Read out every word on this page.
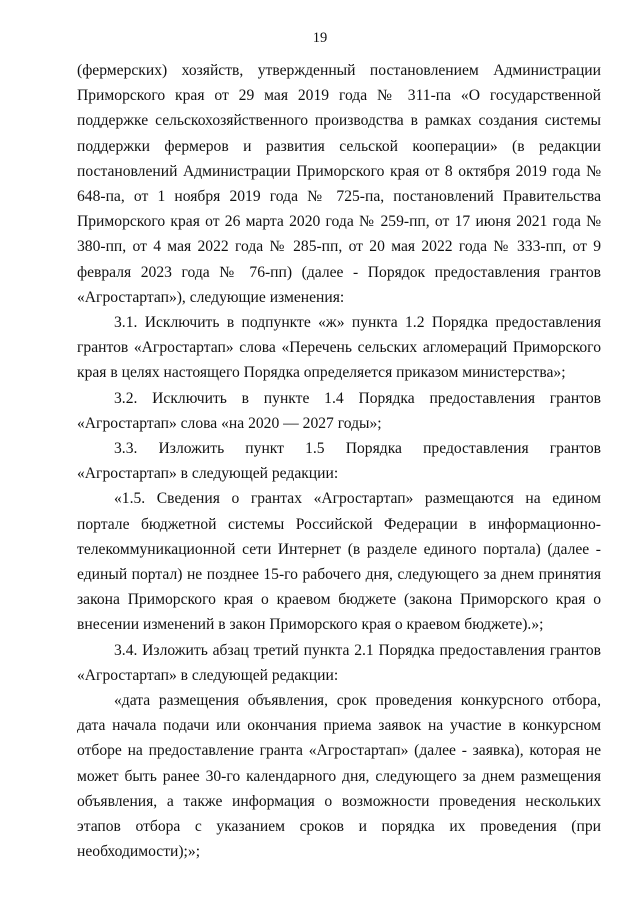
19

(фермерских) хозяйств, утвержденный постановлением Администрации Приморского края от 29 мая 2019 года № 311-па «О государственной поддержке сельскохозяйственного производства в рамках создания системы поддержки фермеров и развития сельской кооперации» (в редакции постановлений Администрации Приморского края от 8 октября 2019 года № 648-па, от 1 ноября 2019 года № 725-па, постановлений Правительства Приморского края от 26 марта 2020 года № 259-пп, от 17 июня 2021 года № 380-пп, от 4 мая 2022 года № 285-пп, от 20 мая 2022 года № 333-пп, от 9 февраля 2023 года № 76-пп) (далее - Порядок предоставления грантов «Агростартап»), следующие изменения:

3.1. Исключить в подпункте «ж» пункта 1.2 Порядка предоставления грантов «Агростартап» слова «Перечень сельских агломераций Приморского края в целях настоящего Порядка определяется приказом министерства»;

3.2. Исключить в пункте 1.4 Порядка предоставления грантов «Агростартап» слова «на 2020 — 2027 годы»;

3.3. Изложить пункт 1.5 Порядка предоставления грантов «Агростартап» в следующей редакции:

«1.5. Сведения о грантах «Агростартап» размещаются на едином портале бюджетной системы Российской Федерации в информационно-телекоммуникационной сети Интернет (в разделе единого портала) (далее - единый портал) не позднее 15-го рабочего дня, следующего за днем принятия закона Приморского края о краевом бюджете (закона Приморского края о внесении изменений в закон Приморского края о краевом бюджете).»;

3.4. Изложить абзац третий пункта 2.1 Порядка предоставления грантов «Агростартап» в следующей редакции:

«дата размещения объявления, срок проведения конкурсного отбора, дата начала подачи или окончания приема заявок на участие в конкурсном отборе на предоставление гранта «Агростартап» (далее - заявка), которая не может быть ранее 30-го календарного дня, следующего за днем размещения объявления, а также информация о возможности проведения нескольких этапов отбора с указанием сроков и порядка их проведения (при необходимости);»;
